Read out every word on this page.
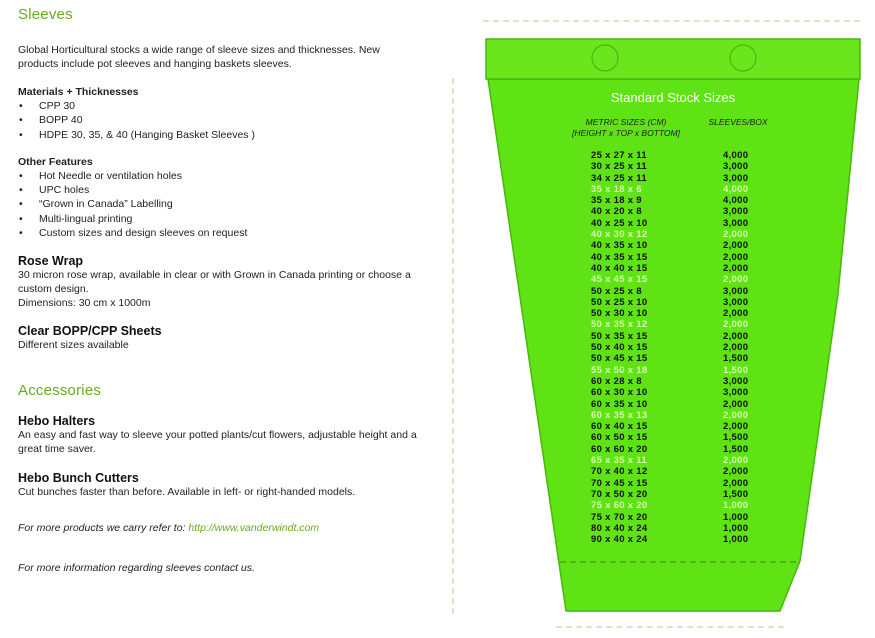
Sleeves

Global Horticultural stocks a wide range of sleeve sizes and thicknesses. New products include pot sleeves and hanging baskets sleeves.

Materials + Thicknesses

• CPP 30
• BOPP 40
• HDPE 30, 35, & 40 (Hanging Basket Sleeves )

Other Features

• Hot Needle or ventilation holes
• UPC holes
• “Grown in Canada” Labelling
• Multi-lingual printing
• Custom sizes and design sleeves on request

Rose Wrap

30 micron rose wrap, available in clear or with Grown in Canada printing or choose a custom design.

Dimensions: 30 cm x 1000m

Clear BOPP/CPP Sheets

Different sizes available

Accessories

Hebo Halters

An easy and fast way to sleeve your potted plants/cut flowers, adjustable height and a great time saver.

Hebo Bunch Cutters

Cut bunches faster than before. Available in left- or right-handed models.

For more products we carry refer to: http://www.vanderwindt.com

For more information regarding sleeves contact us.

Standard Stock Sizes

METRIC SIZES (CM)
[HEIGHT x TOP x BOTTOM]
SLEEVES/BOX
25 x 27 x 11	4,000
30 x 25 x 11	3,000
34 x 25 x 11	3,000
35 x 18 x 6	4,000
35 x 18 x 9	4,000
40 x 20 x 8	3,000
40 x 25 x 10	3,000
40 x 30 x 12	2,000
40 x 35 x 10	2,000
40 x 35 x 15	2,000
40 x 40 x 15	2,000
45 x 45 x 15	2,000
50 x 25 x 8	3,000
50 x 25 x 10	3,000
50 x 30 x 10	2,000
50 x 35 x 12	2,000
50 x 35 x 15	2,000
50 x 40 x 15	2,000
50 x 45 x 15	1,500
55 x 50 x 18	1,500
60 x 28 x 8	3,000
60 x 30 x 10	3,000
60 x 35 x 10	2,000
60 x 35 x 13	2,000
60 x 40 x 15	2,000
60 x 50 x 15	1,500
60 x 60 x 20	1,500
65 x 35 x 11	2,000
70 x 40 x 12	2,000
70 x 45 x 15	2,000
70 x 50 x 20	1,500
75 x 60 x 20	1,000
75 x 70 x 20	1,000
80 x 40 x 24	1,000
90 x 40 x 24	1,000
